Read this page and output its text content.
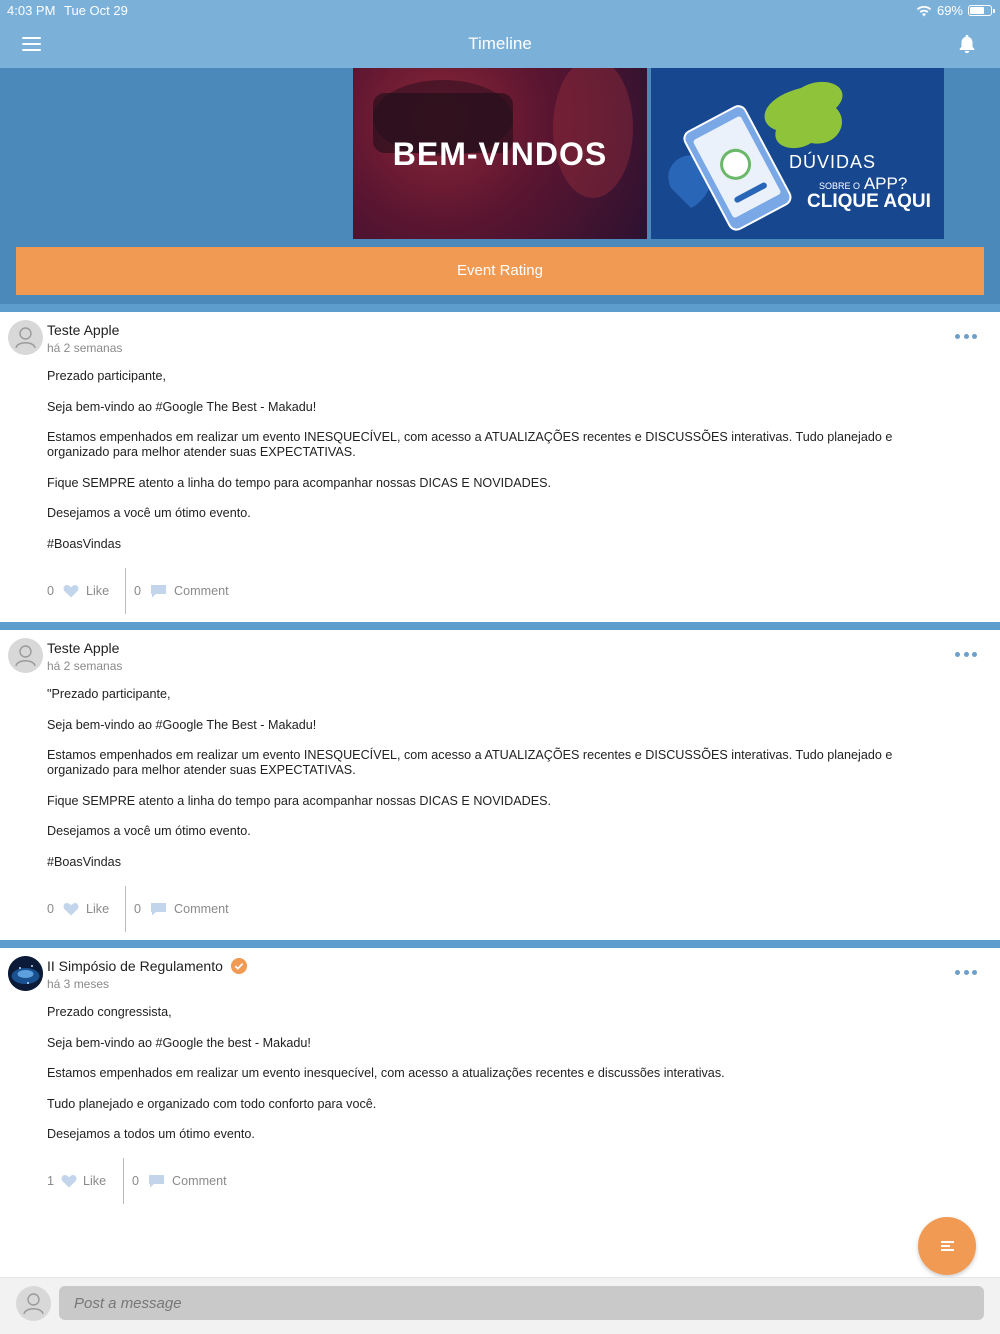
4:03 PM Tue Oct 29	69%
Timeline
BEM-VINDOS	DÚVIDAS
SOBRE O APP?
CLIQUE AQUI
Event Rating
Teste Apple
há 2 semanas

Prezado participante,

Seja bem-vindo ao #Google The Best - Makadu!

Estamos empenhados em realizar um evento INESQUECÍVEL, com acesso a ATUALIZAÇÕES recentes e DISCUSSÕES interativas. Tudo planejado e organizado para melhor atender suas EXPECTATIVAS.

Fique SEMPRE atento a linha do tempo para acompanhar nossas DICAS E NOVIDADES.

Desejamos a você um ótimo evento.

#BoasVindas

0	Like 0	Comment
Teste Apple
há 2 semanas

"Prezado participante,

Seja bem-vindo ao #Google The Best - Makadu!

Estamos empenhados em realizar um evento INESQUECÍVEL, com acesso a ATUALIZAÇÕES recentes e DISCUSSÕES interativas. Tudo planejado e organizado para melhor atender suas EXPECTATIVAS.

Fique SEMPRE atento a linha do tempo para acompanhar nossas DICAS E NOVIDADES.

Desejamos a você um ótimo evento.

#BoasVindas

0	Like 0	Comment
II Simpósio de Regulamento
há 3 meses

Prezado congressista,

Seja bem-vindo ao #Google the best - Makadu!

Estamos empenhados em realizar um evento inesquecível, com acesso a atualizações recentes e discussões interativas.

Tudo planejado e organizado com todo conforto para você.

Desejamos a todos um ótimo evento.

1 Like 0	Comment
Post a message
